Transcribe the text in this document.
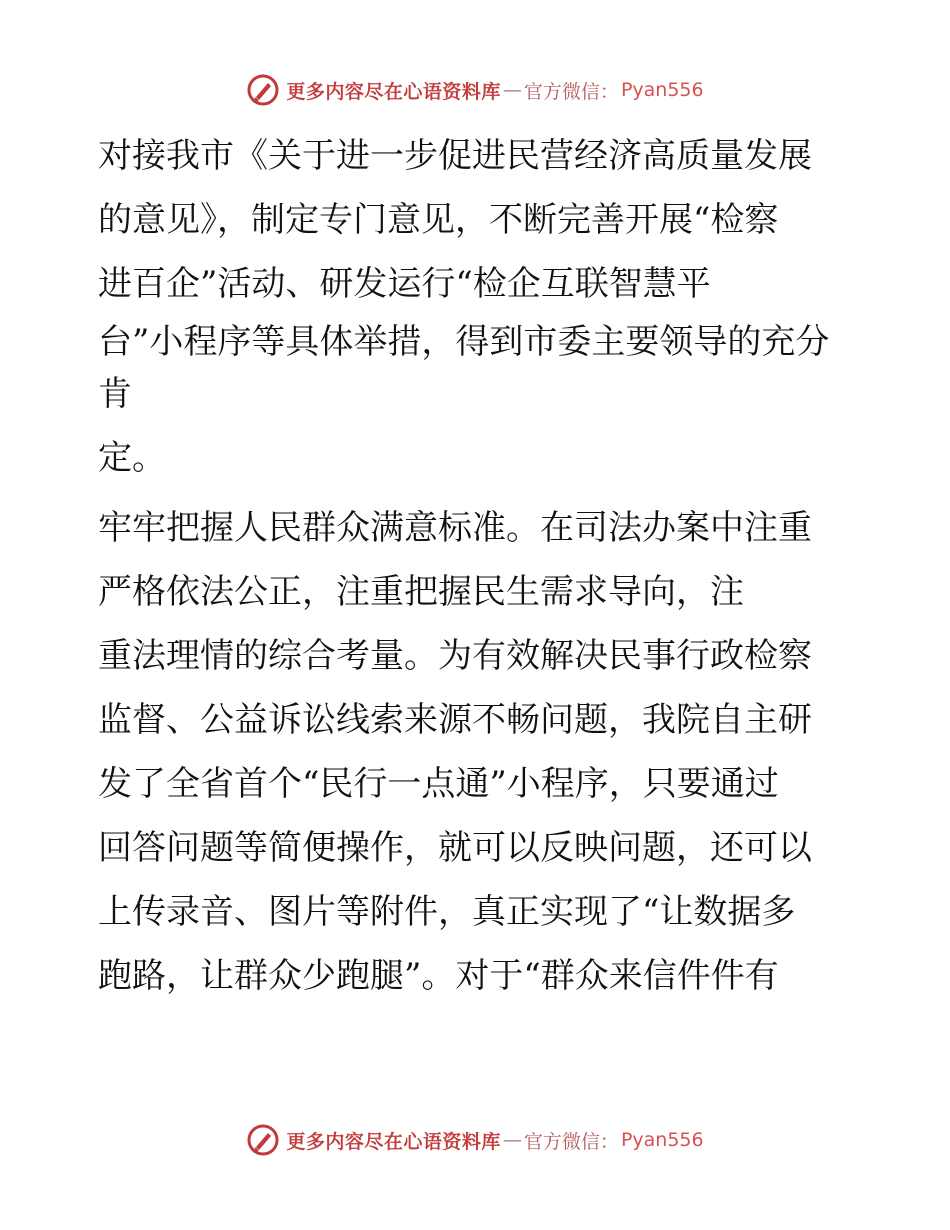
更多内容尽在心语资料库 — 官方微信： Pyan556
对接我市《关于进一步促进民营经济高质量发展
的意见》，制定专门意见，不断完善开展“检察
进百企”活动、研发运行“检企互联智慧平
台”小程序等具体举措，得到市委主要领导的充分
肯
定。
牢牢把握人民群众满意标准。在司法办案中注重
严格依法公正，注重把握民生需求导向，注
重法理情的综合考量。为有效解决民事行政检察
监督、公益诉讼线索来源不畅问题，我院自主研
发了全省首个“民行一点通”小程序，只要通过
回答问题等简便操作，就可以反映问题，还可以
上传录音、图片等附件，真正实现了“让数据多
跑路，让群众少跑腿”。对于“群众来信件件有
更多内容尽在心语资料库 — 官方微信： Pyan556
